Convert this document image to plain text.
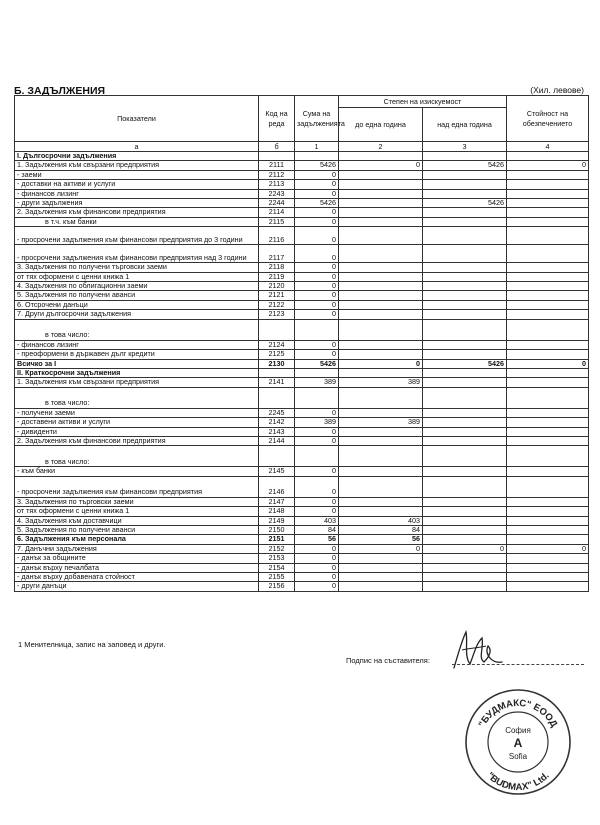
Б. ЗАДЪЛЖЕНИЯ	(Хил. левове)
Показатели	Код на реда	Сума на задълженията	Степен на изискуемост		Стойност на обезпечението
			до една година	над една година	
а	б	1	2	3	4
I. Дългосрочни задължения					
1. Задължения към свързани предприятия	2111	5426	0	5426	0
- заеми	2112	0			
- доставки на активи и услуги	2113	0			
- финансов лизинг	2243	0			
- други задължения	2244	5426		5426	
2. Задължения към финансови предприятия	2114	0			
в т.ч. към банки	2115	0			
- просрочени задължения към финансови предприятия до 3 години	2116	0			
- просрочени задължения към финансови предприятия над 3 години	2117	0			
3. Задължения по получени търговски заеми	2118	0			
от тях оформени с ценни книжа 1	2119	0			
4. Задължения по облигационни заеми	2120	0			
5. Задължения по получени аванси	2121	0			
6. Отсрочени данъци	2122	0			
7. Други дългосрочни задължения	2123	0			
в това число:					
- финансов лизинг	2124	0			
- преоформени в държавен дълг кредити	2125	0			
Всичко за I	2130	5426	0	5426	0
II. Краткосрочни задължения					
1. Задължения към свързани предприятия	2141	389	389		
в това число:					
- получени заеми	2245	0			
- доставени активи и услуги	2142	389	389		
- дивиденти	2143	0			
2. Задължения към финансови предприятия	2144	0			
в това число:					
- към банки	2145	0			
- просрочени задължения към финансови предприятия	2146	0			
3. Задължения по търговски заеми	2147	0			
от тях оформени с ценни книжа 1	2148	0			
4. Задължения към доставчици	2149	403	403		
5. Задължения по получени аванси	2150	84	84		
6. Задължения към персонала	2151	56	56		
7. Данъчни задължения	2152	0	0	0	0
- данък за общините	2153	0			
- данък върху печалбата	2154	0			
- данък върху добавената стойност	2155	0			
- други данъци	2156	0			
Подпис на съставителя:
1 Менителница, запис на заповед и други.
"БУДМАКС" ЕООД
"BUDMAX" Ltd.
София
А
Sofia
